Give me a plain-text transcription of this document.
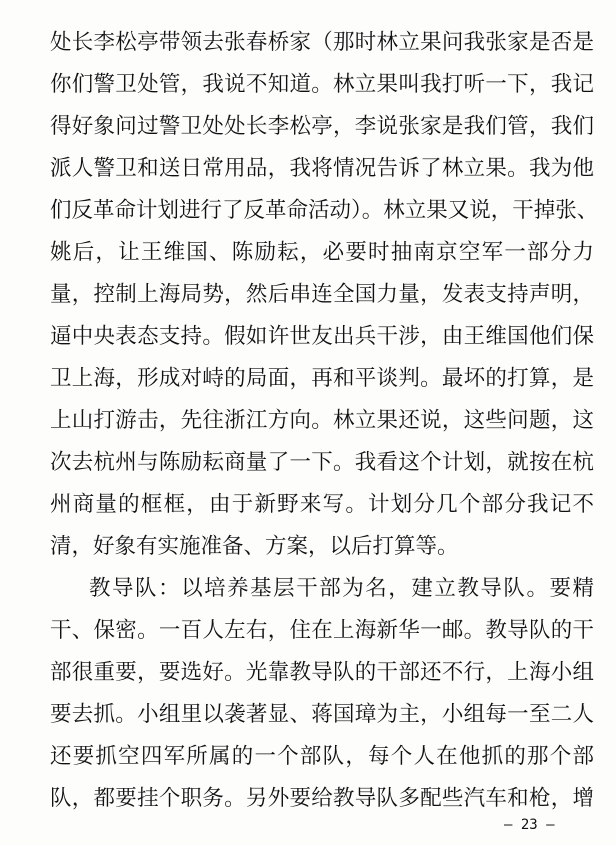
处长李松亭带领去张春桥家（那时林立果问我张家是否是
你们警卫处管，我说不知道。林立果叫我打听一下，我记
得好象问过警卫处处长李松亭，李说张家是我们管，我们
派人警卫和送日常用品，我将情况告诉了林立果。我为他
们反革命计划进行了反革命活动）。林立果又说，干掉张、
姚后，让王维国、陈励耘，必要时抽南京空军一部分力
量，控制上海局势，然后串连全国力量，发表支持声明，
逼中央表态支持。假如许世友出兵干涉，由王维国他们保
卫上海，形成对峙的局面，再和平谈判。最坏的打算，是
上山打游击，先往浙江方向。林立果还说，这些问题，这
次去杭州与陈励耘商量了一下。我看这个计划，就按在杭
州商量的框框，由于新野来写。计划分几个部分我记不
清，好象有实施准备、方案，以后打算等。
教导队：以培养基层干部为名，建立教导队。要精
干、保密。一百人左右，住在上海新华一邮。教导队的干
部很重要，要选好。光靠教导队的干部还不行，上海小组
要去抓。小组里以袭著显、蒋国璋为主，小组每一至二人
还要抓空四军所属的一个部队，每个人在他抓的那个部
队，都要挂个职务。另外要给教导队多配些汽车和枪，增
— 23 —
